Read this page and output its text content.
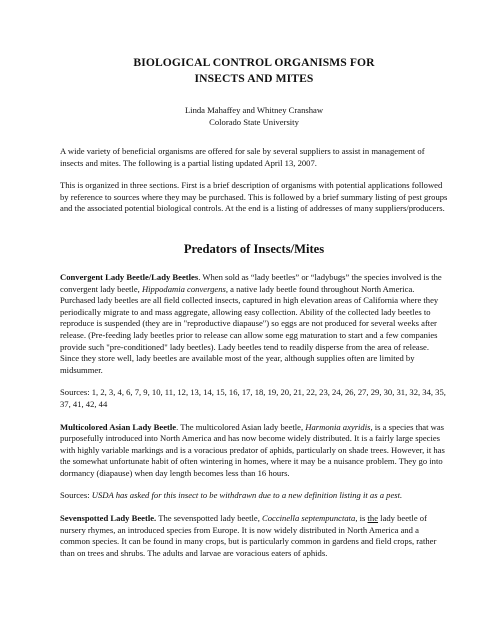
BIOLOGICAL CONTROL ORGANISMS FOR
INSECTS AND MITES
Linda Mahaffey and Whitney Cranshaw
Colorado State University

A wide variety of beneficial organisms are offered for sale by several suppliers to assist in management of insects and mites. The following is a partial listing updated April 13, 2007.

This is organized in three sections. First is a brief description of organisms with potential applications followed by reference to sources where they may be purchased. This is followed by a brief summary listing of pest groups and the associated potential biological controls. At the end is a listing of addresses of many suppliers/producers.

Predators of Insects/Mites

Convergent Lady Beetle/Lady Beetles. When sold as “lady beetles” or “ladybugs” the species involved is the convergent lady beetle, Hippodamia convergens, a native lady beetle found throughout North America. Purchased lady beetles are all field collected insects, captured in high elevation areas of California where they periodically migrate to and mass aggregate, allowing easy collection. Ability of the collected lady beetles to reproduce is suspended (they are in "reproductive diapause") so eggs are not produced for several weeks after release. (Pre-feeding lady beetles prior to release can allow some egg maturation to start and a few companies provide such "pre-conditioned" lady beetles). Lady beetles tend to readily disperse from the area of release. Since they store well, lady beetles are available most of the year, although supplies often are limited by midsummer.

Sources: 1, 2, 3, 4, 6, 7, 9, 10, 11, 12, 13, 14, 15, 16, 17, 18, 19, 20, 21, 22, 23, 24, 26, 27, 29, 30, 31, 32, 34, 35, 37, 41, 42, 44

Multicolored Asian Lady Beetle. The multicolored Asian lady beetle, Harmonia axyridis, is a species that was purposefully introduced into North America and has now become widely distributed. It is a fairly large species with highly variable markings and is a voracious predator of aphids, particularly on shade trees. However, it has the somewhat unfortunate habit of often wintering in homes, where it may be a nuisance problem. They go into dormancy (diapause) when day length becomes less than 16 hours.

Sources: USDA has asked for this insect to be withdrawn due to a new definition listing it as a pest.

Sevenspotted Lady Beetle. The sevenspotted lady beetle, Coccinella septempunctata, is the lady beetle of nursery rhymes, an introduced species from Europe. It is now widely distributed in North America and a common species. It can be found in many crops, but is particularly common in gardens and field crops, rather than on trees and shrubs. The adults and larvae are voracious eaters of aphids.
